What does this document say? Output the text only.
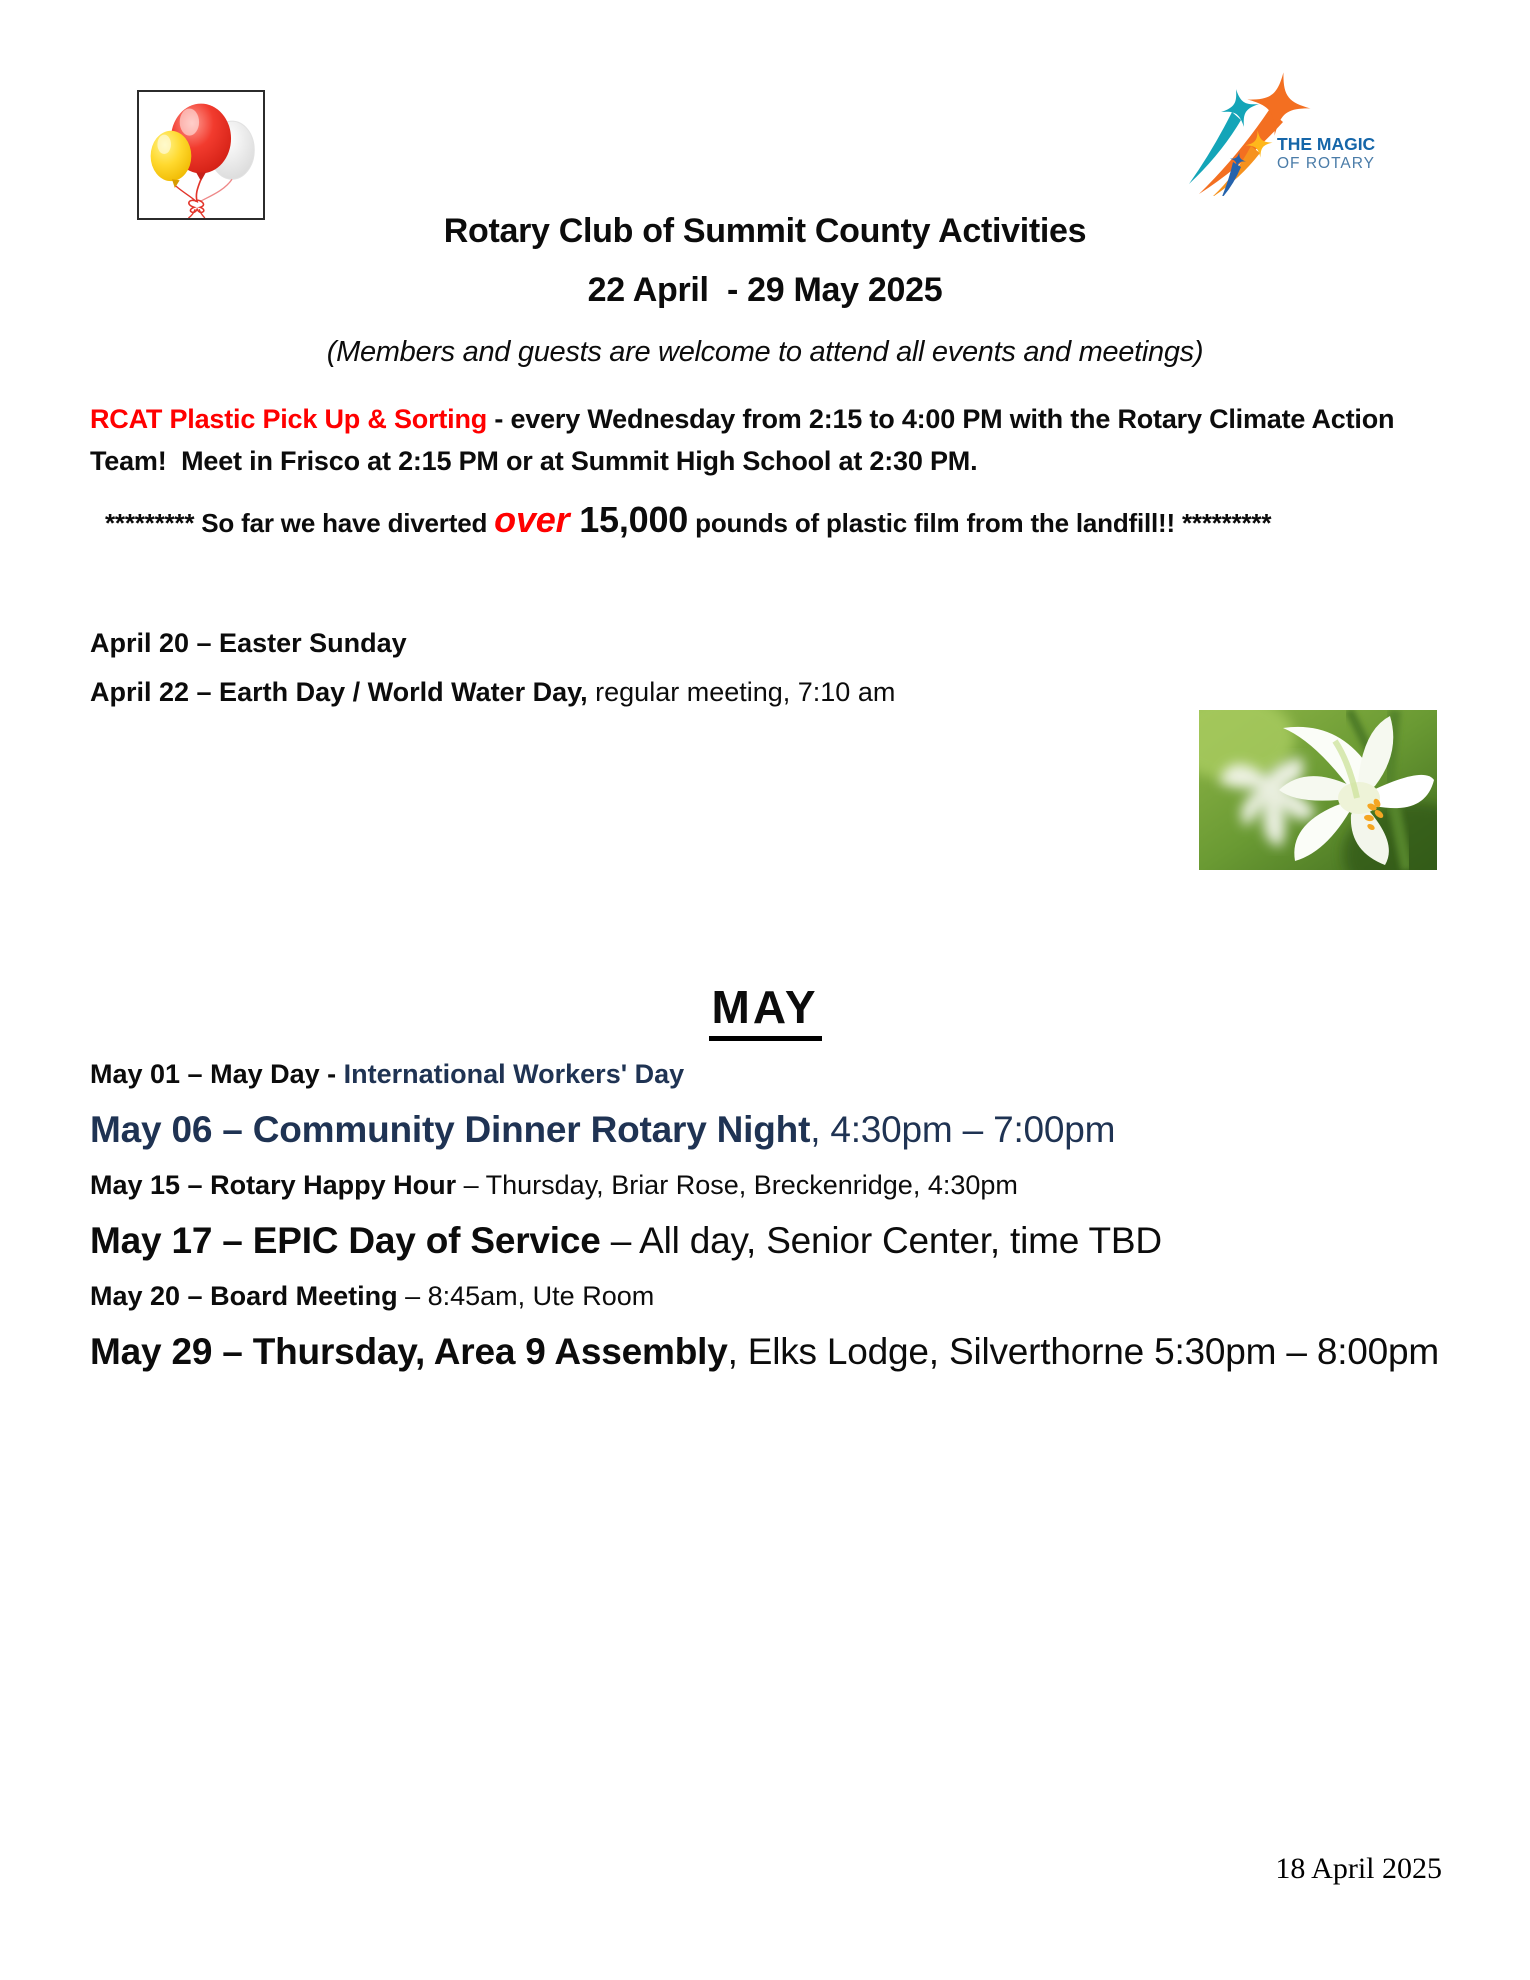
THE MAGIC
OF ROTARY
Rotary Club of Summit County Activities
22 April  - 29 May 2025
(Members and guests are welcome to attend all events and meetings)

RCAT Plastic Pick Up & Sorting - every Wednesday from 2:15 to 4:00 PM with the Rotary Climate Action Team!  Meet in Frisco at 2:15 PM or at Summit High School at 2:30 PM.

********* So far we have diverted over 15,000 pounds of plastic film from the landfill!! *********

April 20 – Easter Sunday

April 22 – Earth Day / World Water Day, regular meeting, 7:10 am

MAY

May 01 – May Day - International Workers' Day

May 06 – Community Dinner Rotary Night, 4:30pm – 7:00pm

May 15 – Rotary Happy Hour – Thursday, Briar Rose, Breckenridge, 4:30pm

May 17 – EPIC Day of Service – All day, Senior Center, time TBD

May 20 – Board Meeting – 8:45am, Ute Room

May 29 – Thursday, Area 9 Assembly, Elks Lodge, Silverthorne 5:30pm – 8:00pm

18 April 2025
